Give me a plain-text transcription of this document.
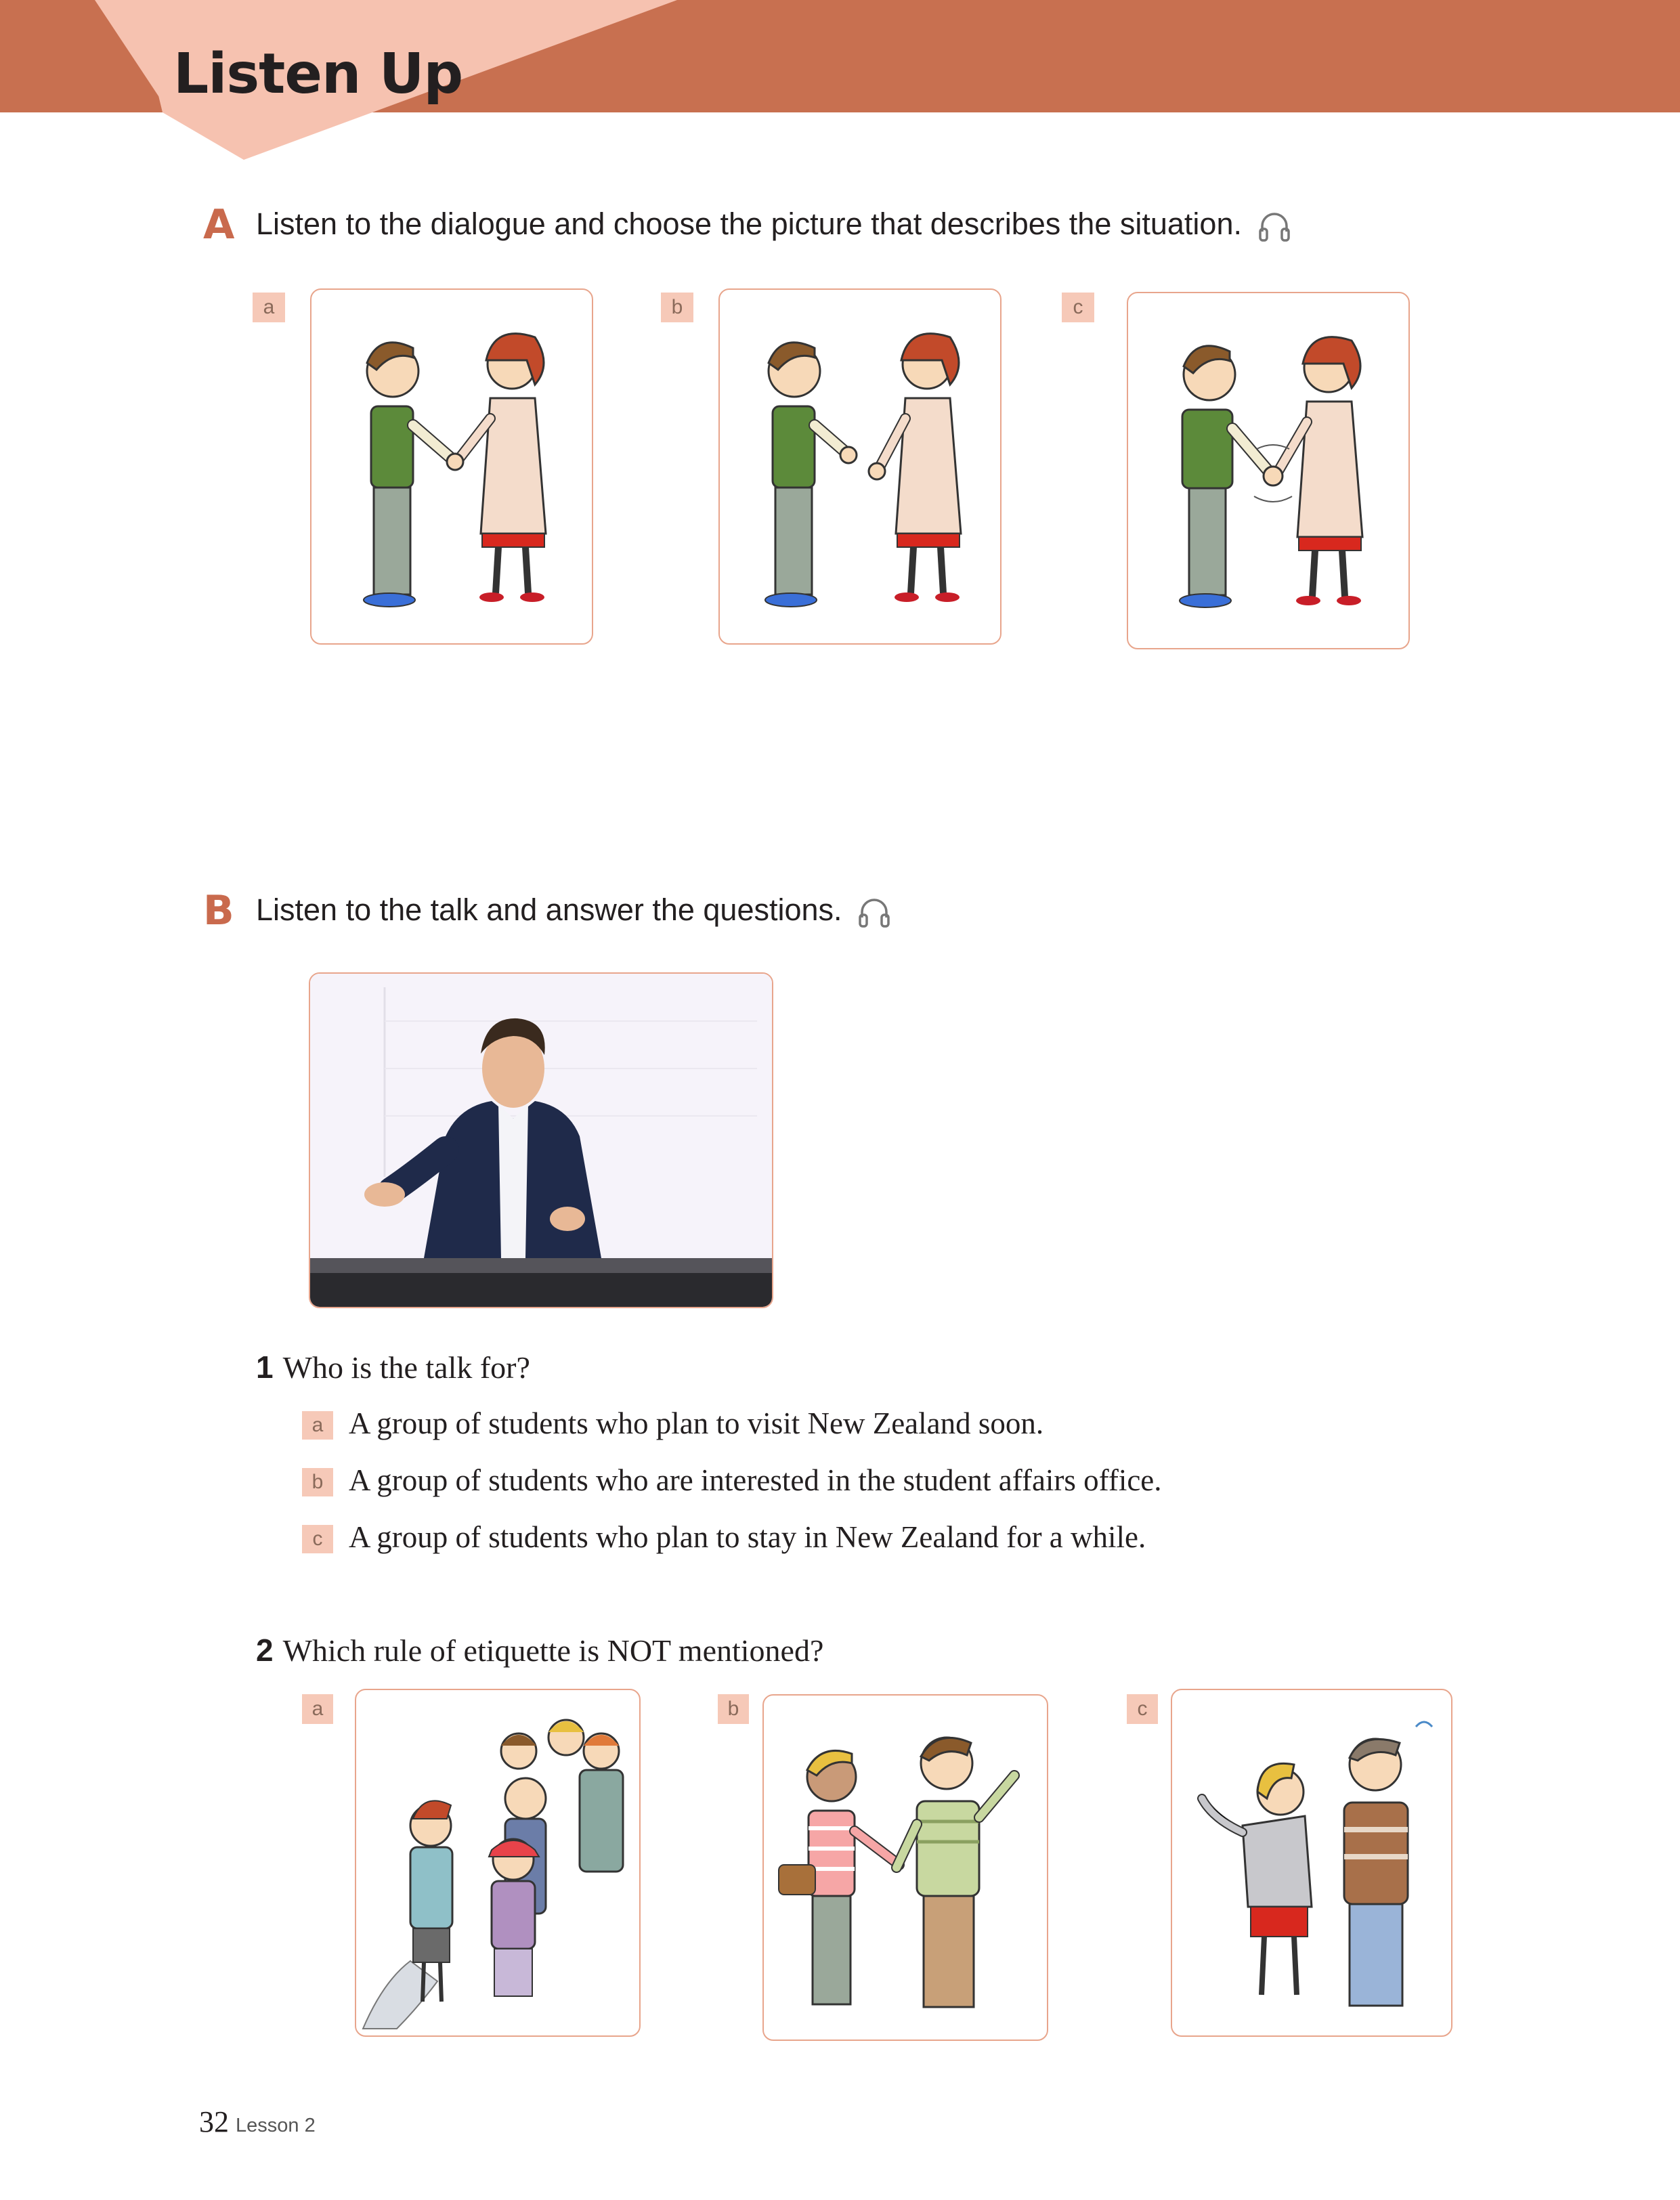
Listen Up
A Listen to the dialogue and choose the picture that describes the situation.
a	b	c
B Listen to the talk and answer the questions.
1 Who is the talk for?
a A group of students who plan to visit New Zealand soon.
b A group of students who are interested in the student affairs office.
c A group of students who plan to stay in New Zealand for a while.
2 Which rule of etiquette is NOT mentioned?
a	b	c
32 Lesson 2
